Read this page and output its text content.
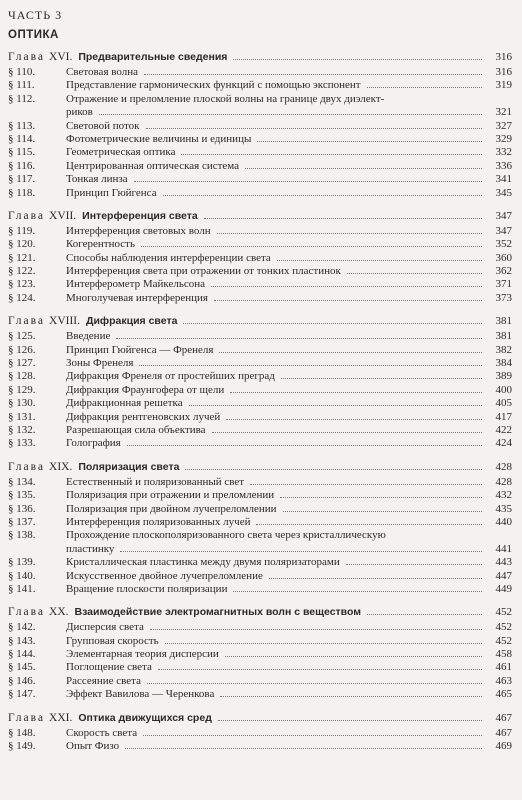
ЧАСТЬ 3
ОПТИКА
Глава XVI. Предварительные сведения	316
§ 110.	Световая волна	316
§ 111.	Представление гармонических функций с помощью экспонент	319
§ 112.	Отражение и преломление плоской волны на границе двух диэлект-
риков	321
§ 113.	Световой поток	327
§ 114.	Фотометрические величины и единицы	329
§ 115.	Геометрическая оптика	332
§ 116.	Центрированная оптическая система	336
§ 117.	Тонкая линза	341
§ 118.	Принцип Гюйгенса	345
Глава XVII. Интерференция света	347
§ 119.	Интерференция световых волн	347
§ 120.	Когерентность	352
§ 121.	Способы наблюдения интерференции света	360
§ 122.	Интерференция света при отражении от тонких пластинок	362
§ 123.	Интерферометр Майкельсона	371
§ 124.	Многолучевая интерференция	373
Глава XVIII. Дифракция света	381
§ 125.	Введение	381
§ 126.	Принцип Гюйгенса — Френеля	382
§ 127.	Зоны Френеля	384
§ 128.	Дифракция Френеля от простейших преград	389
§ 129.	Дифракция Фраунгофера от щели	400
§ 130.	Дифракционная решетка	405
§ 131.	Дифракция рентгеновских лучей	417
§ 132.	Разрешающая сила объектива	422
§ 133.	Голография	424
Глава XIX. Поляризация света	428
§ 134.	Естественный и поляризованный свет	428
§ 135.	Поляризация при отражении и преломлении	432
§ 136.	Поляризация при двойном лучепреломлении	435
§ 137.	Интерференция поляризованных лучей	440
§ 138.	Прохождение плоскополяризованного света через кристаллическую
пластинку	441
§ 139.	Кристаллическая пластинка между двумя поляризаторами	443
§ 140.	Искусственное двойное лучепреломление	447
§ 141.	Вращение плоскости поляризации	449
Глава XX. Взаимодействие электромагнитных волн с веществом	452
§ 142.	Дисперсия света	452
§ 143.	Групповая скорость	452
§ 144.	Элементарная теория дисперсии	458
§ 145.	Поглощение света	461
§ 146.	Рассеяние света	463
§ 147.	Эффект Вавилова — Черенкова	465
Глава XXI. Оптика движущихся сред	467
§ 148.	Скорость света	467
§ 149.	Опыт Физо	469
